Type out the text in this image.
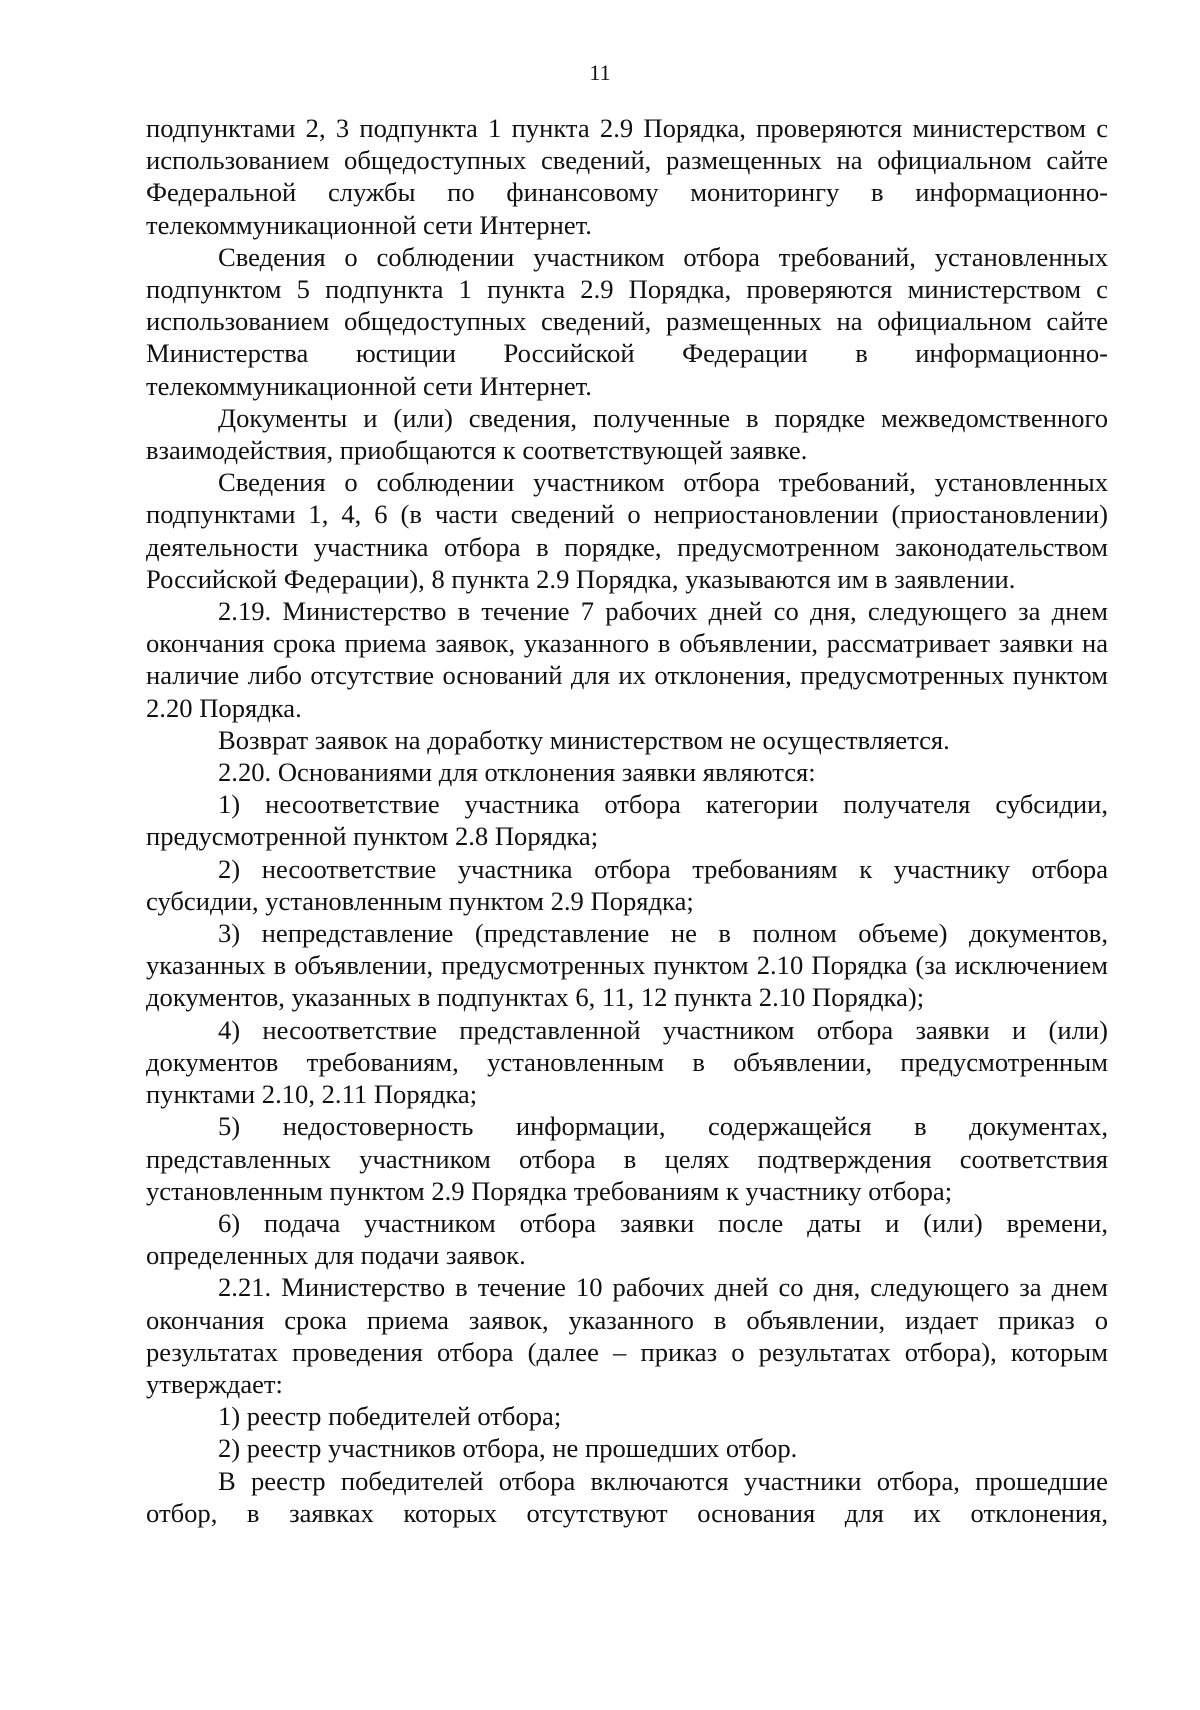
11

подпунктами 2, 3 подпункта 1 пункта 2.9 Порядка, проверяются министерством с использованием общедоступных сведений, размещенных на официальном сайте Федеральной службы по финансовому мониторингу в информационно-телекоммуникационной сети Интернет.

Сведения о соблюдении участником отбора требований, установленных подпунктом 5 подпункта 1 пункта 2.9 Порядка, проверяются министерством с использованием общедоступных сведений, размещенных на официальном сайте Министерства юстиции Российской Федерации в информационно-телекоммуникационной сети Интернет.

Документы и (или) сведения, полученные в порядке межведомственного взаимодействия, приобщаются к соответствующей заявке.

Сведения о соблюдении участником отбора требований, установленных подпунктами 1, 4, 6 (в части сведений о неприостановлении (приостановлении) деятельности участника отбора в порядке, предусмотренном законодательством Российской Федерации), 8 пункта 2.9 Порядка, указываются им в заявлении.

2.19. Министерство в течение 7 рабочих дней со дня, следующего за днем окончания срока приема заявок, указанного в объявлении, рассматривает заявки на наличие либо отсутствие оснований для их отклонения, предусмотренных пунктом 2.20 Порядка.

Возврат заявок на доработку министерством не осуществляется.

2.20. Основаниями для отклонения заявки являются:

1) несоответствие участника отбора категории получателя субсидии, предусмотренной пунктом 2.8 Порядка;

2) несоответствие участника отбора требованиям к участнику отбора субсидии, установленным пунктом 2.9 Порядка;

3) непредставление (представление не в полном объеме) документов, указанных в объявлении, предусмотренных пунктом 2.10 Порядка (за исключением документов, указанных в подпунктах 6, 11, 12 пункта 2.10 Порядка);

4) несоответствие представленной участником отбора заявки и (или) документов требованиям, установленным в объявлении, предусмотренным пунктами 2.10, 2.11 Порядка;

5) недостоверность информации, содержащейся в документах, представленных участником отбора в целях подтверждения соответствия установленным пунктом 2.9 Порядка требованиям к участнику отбора;

6) подача участником отбора заявки после даты и (или) времени, определенных для подачи заявок.

2.21. Министерство в течение 10 рабочих дней со дня, следующего за днем окончания срока приема заявок, указанного в объявлении, издает приказ о результатах проведения отбора (далее – приказ о результатах отбора), которым утверждает:

1) реестр победителей отбора;

2) реестр участников отбора, не прошедших отбор.

В реестр победителей отбора включаются участники отбора, прошедшие отбор, в заявках которых отсутствуют основания для их отклонения,
